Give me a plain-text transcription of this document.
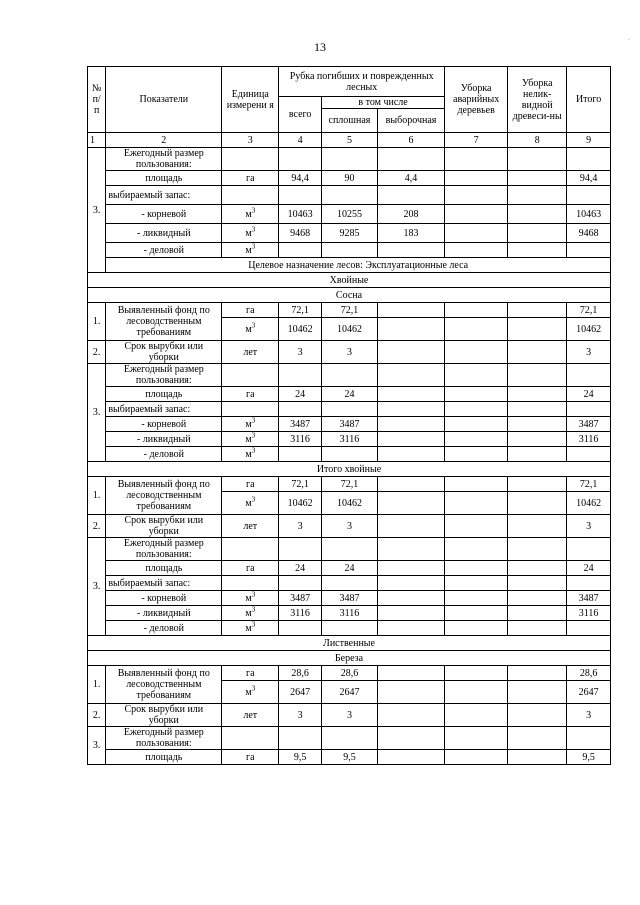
13
.
№ п/ п	Показатели	Единица измерени я	Рубка погибших и поврежденных лесных			Уборка аварийных деревьев	Уборка нелик-видной древеси-ны	Итого
			всего	в том числе				
				сплошная	выборочная			
1	2	3	4	5	6	7	8	9
3.	Ежегодный размер пользования:							
	площадь	га	94,4	90	4,4			94,4
	выбираемый запас:							
	- корневой	$м^3$	10463	10255	208			10463
	- ликвидный	$м^3$	9468	9285	183			9468
	- деловой	$м^3$						
	Целевое назначение лесов: Эксплуатационные леса							
Хвойные								
Сосна								
1.	Выявленный фонд по лесоводственным требованиям	га	72,1	72,1				72,1
		$м^3$	10462	10462				10462
2.	Срок вырубки или уборки	лет	3	3				3
3.	Ежегодный размер пользования:							
	площадь	га	24	24				24
	выбираемый запас:							
	- корневой	$м^3$	3487	3487				3487
	- ликвидный	$м^3$	3116	3116				3116
	- деловой	$м^3$						
Итого хвойные								
1.	Выявленный фонд по лесоводственным требованиям	га	72,1	72,1				72,1
		$м^3$	10462	10462				10462
2.	Срок вырубки или уборки	лет	3	3				3
3.	Ежегодный размер пользования:							
	площадь	га	24	24				24
	выбираемый запас:							
	- корневой	$м^3$	3487	3487				3487
	- ликвидный	$м^3$	3116	3116				3116
	- деловой	$м^3$						
Лиственные								
Береза								
1.	Выявленный фонд по лесоводственным требованиям	га	28,6	28,6				28,6
		$м^3$	2647	2647				2647
2.	Срок вырубки или уборки	лет	3	3				3
3.	Ежегодный размер пользования:							
	площадь	га	9,5	9,5				9,5
